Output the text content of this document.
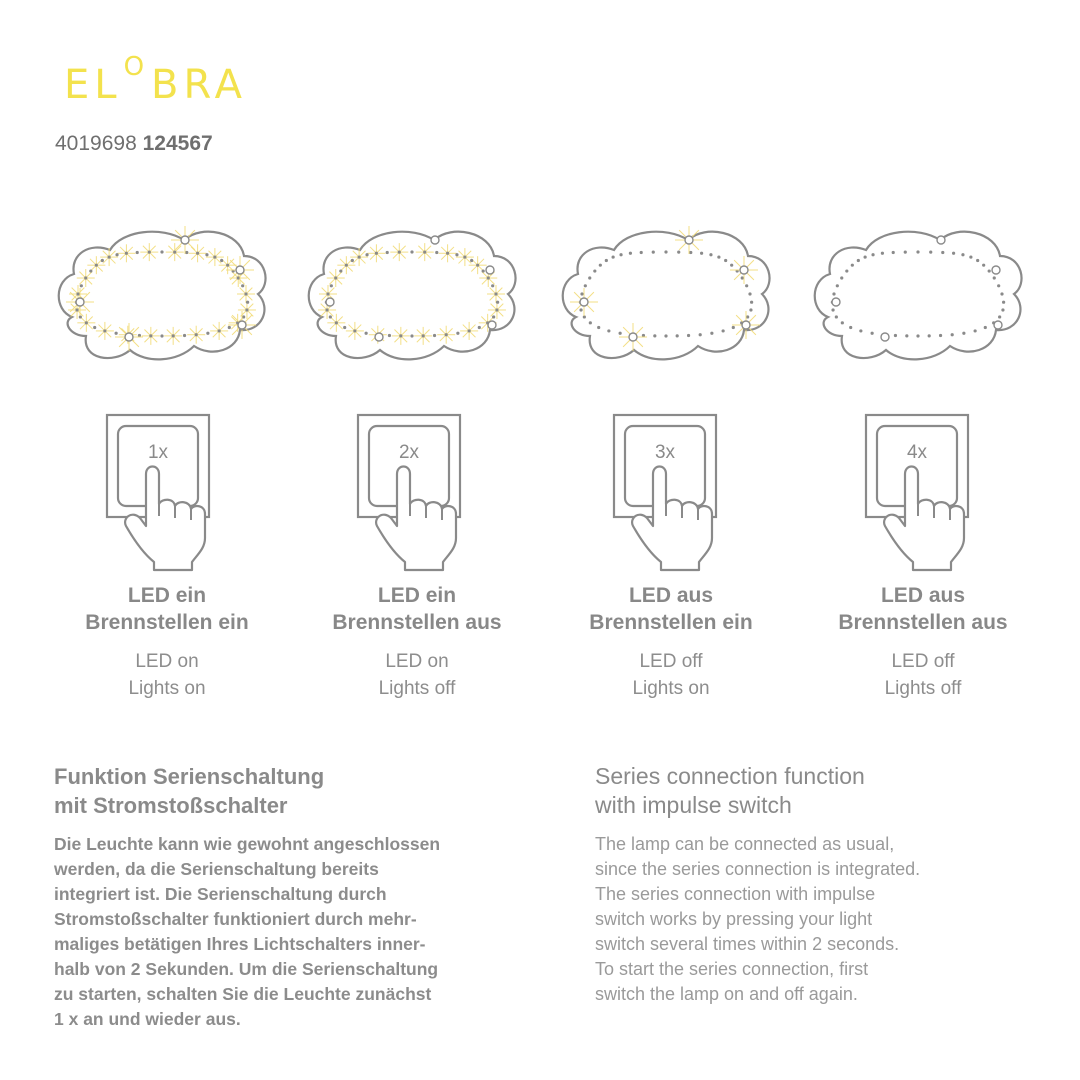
EL O BRA
4019698 124567
1x
LED ein
Brennstellen ein
LED on
Lights on
2x
LED ein
Brennstellen aus
LED on
Lights off
3x
LED aus
Brennstellen ein
LED off
Lights on
4x
LED aus
Brennstellen aus
LED off
Lights off
Funktion Serienschaltung
mit Stromstoßschalter

Die Leuchte kann wie gewohnt angeschlossen
werden, da die Serienschaltung bereits
integriert ist. Die Serienschaltung durch
Stromstoßschalter funktioniert durch mehr-
maliges betätigen Ihres Lichtschalters inner-
halb von 2 Sekunden. Um die Serienschaltung
zu starten, schalten Sie die Leuchte zunächst
1 x an und wieder aus.

Series connection function
with impulse switch

The lamp can be connected as usual,
since the series connection is integrated.
The series connection with impulse
switch works by pressing your light
switch several times within 2 seconds.
To start the series connection, first
switch the lamp on and off again.
